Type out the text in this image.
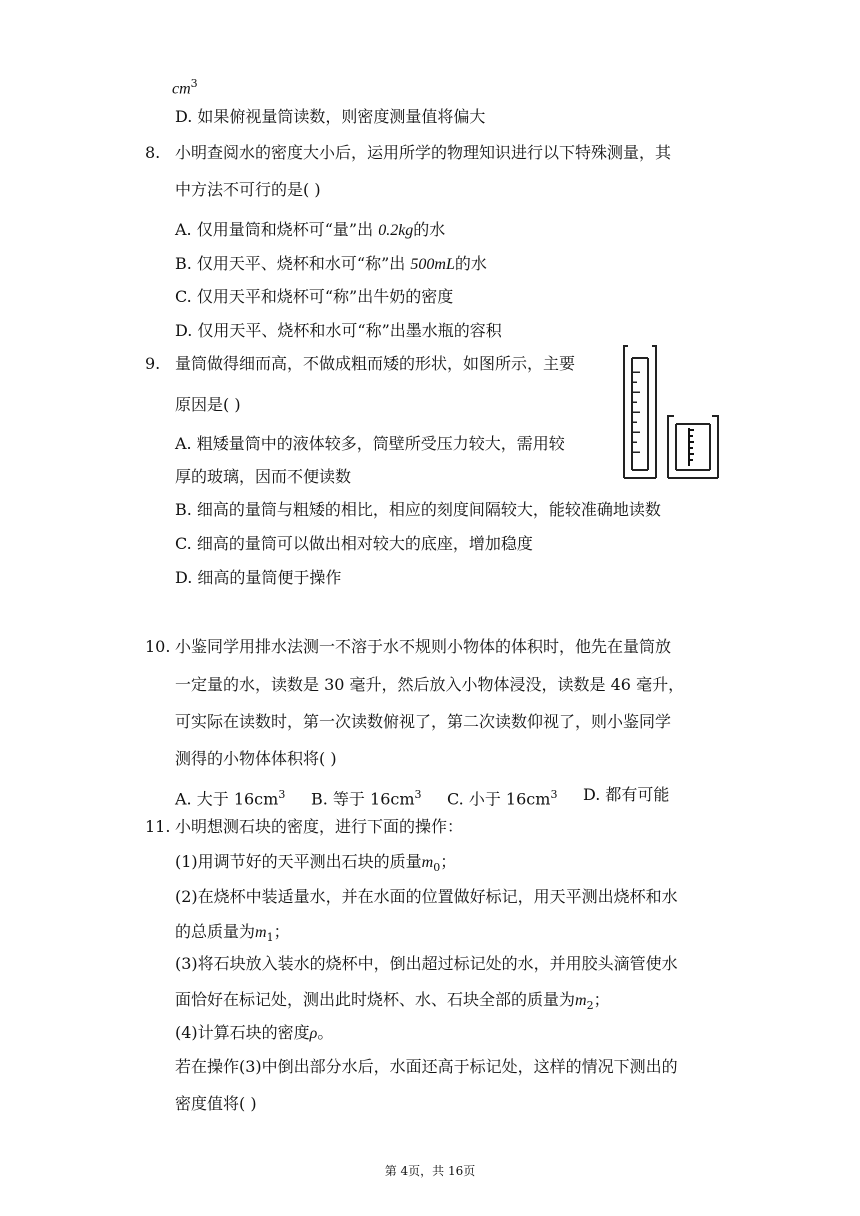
$cm^3$
D. 如果俯视量筒读数，则密度测量值将偏大
8. 小明查阅水的密度大小后，运用所学的物理知识进行以下特殊测量，其
中方法不可行的是( )
A. 仅用量筒和烧杯可“量”出 0.2kg的水
B. 仅用天平、烧杯和水可“称”出 500mL的水
C. 仅用天平和烧杯可“称”出牛奶的密度
D. 仅用天平、烧杯和水可“称”出墨水瓶的容积
9. 量筒做得细而高，不做成粗而矮的形状，如图所示，主要
原因是( )
A. 粗矮量筒中的液体较多，筒壁所受压力较大，需用较
厚的玻璃，因而不便读数
B. 细高的量筒与粗矮的相比，相应的刻度间隔较大，能较准确地读数
C. 细高的量筒可以做出相对较大的底座，增加稳度
D. 细高的量筒便于操作
10. 小鉴同学用排水法测一不溶于水不规则小物体的体积时，他先在量筒放
一定量的水，读数是 30 毫升，然后放入小物体浸没，读数是 46 毫升，
可实际在读数时，第一次读数俯视了，第二次读数仰视了，则小鉴同学
测得的小物体体积将( )
A. 大于 $16cm^3$ B. 等于 $16cm^3$ C. 小于 $16cm^3$ D. 都有可能
11. 小明想测石块的密度，进行下面的操作：
(1)用调节好的天平测出石块的质量$m_0$；
(2)在烧杯中装适量水，并在水面的位置做好标记，用天平测出烧杯和水
的总质量为$m_1$；
(3)将石块放入装水的烧杯中，倒出超过标记处的水，并用胶头滴管使水
面恰好在标记处，测出此时烧杯、水、石块全部的质量为$m_2$；
(4)计算石块的密度ρ。
若在操作(3)中倒出部分水后，水面还高于标记处，这样的情况下测出的
密度值将( )
第 4页，共 16页
